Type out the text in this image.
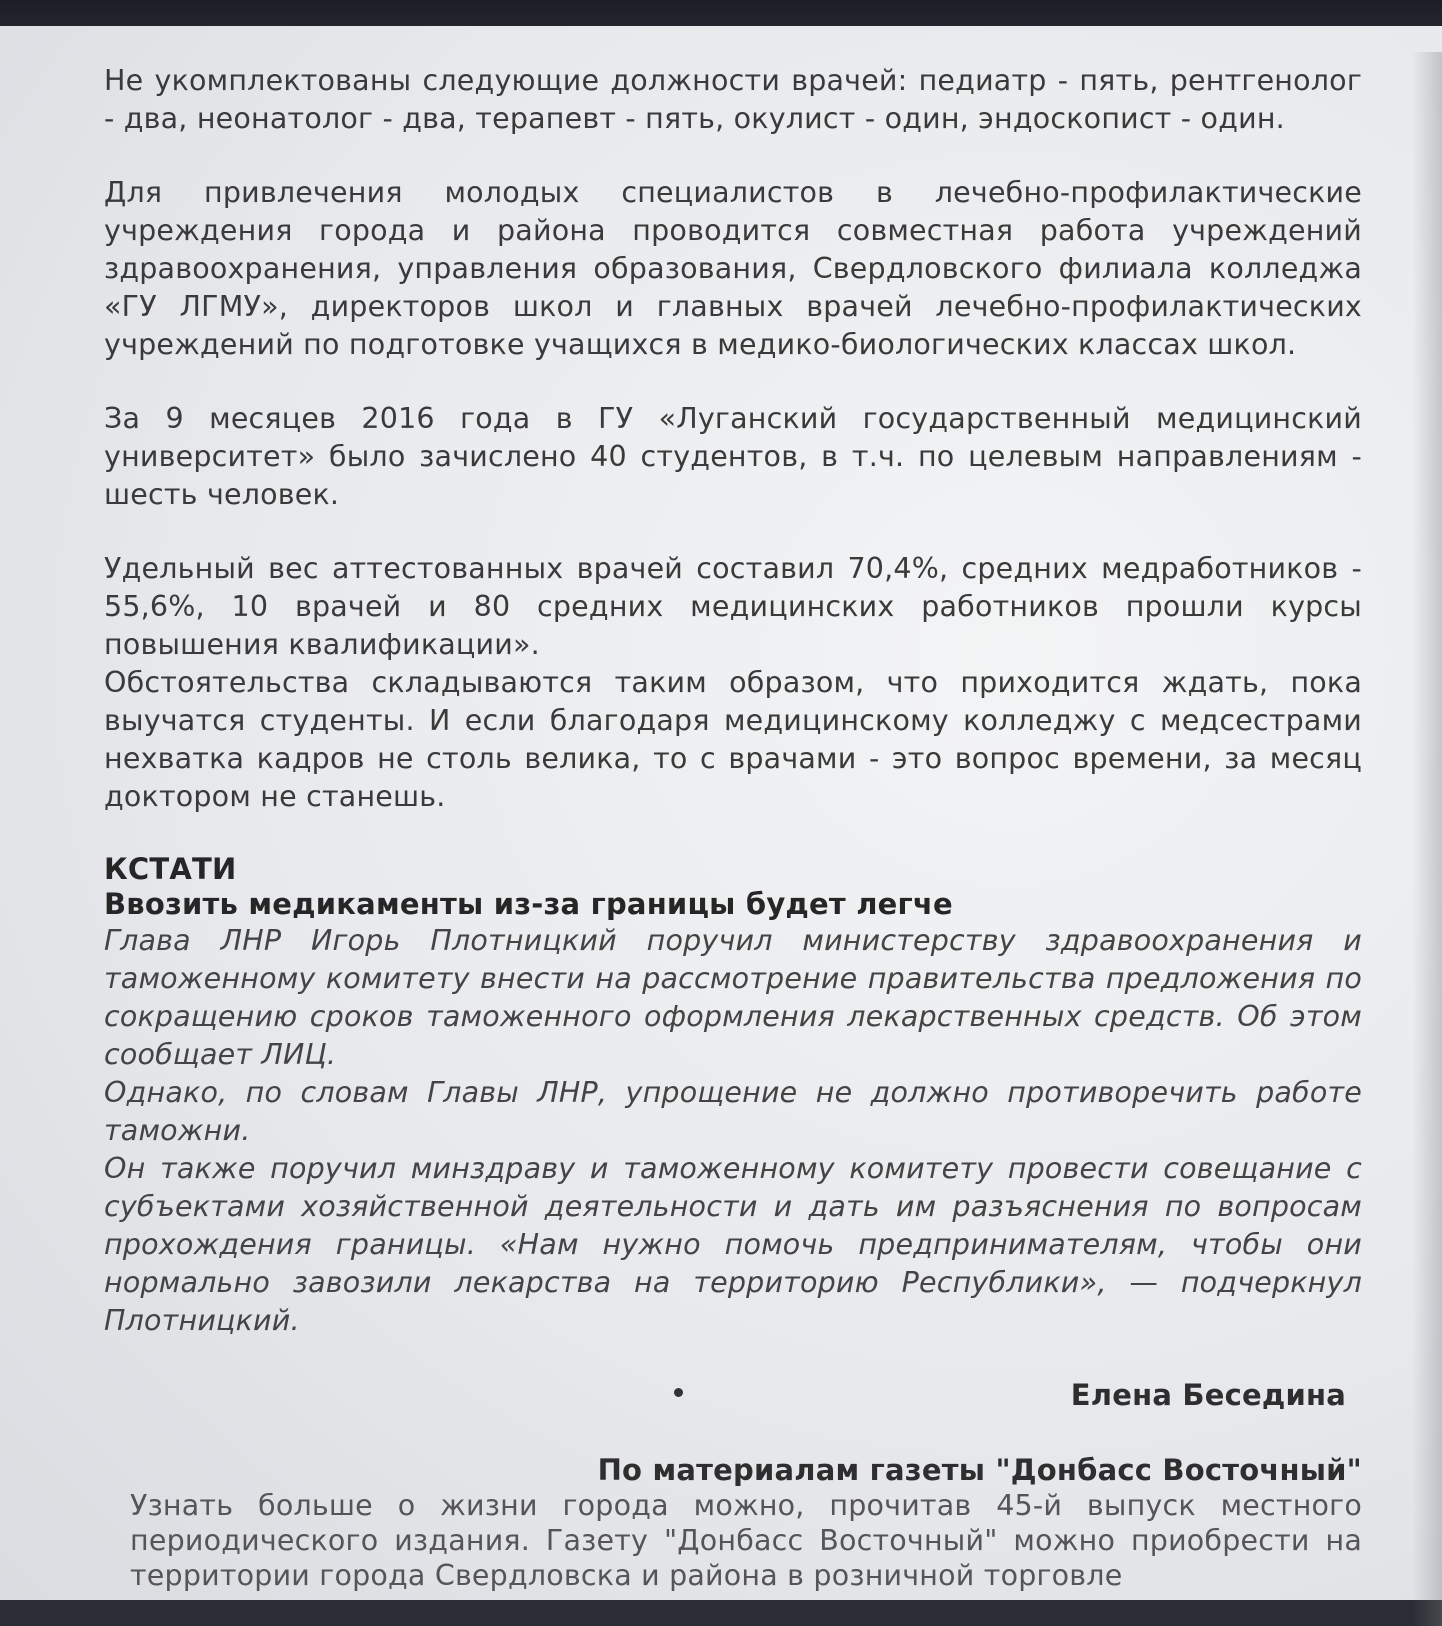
Не укомплектованы следующие должности врачей: педиатр - пять, рентгенолог - два, неонатолог - два, терапевт - пять, окулист - один, эндоскопист - один.

Для привлечения молодых специалистов в лечебно-профилактические учреждения города и района проводится совместная работа учреждений здравоохранения, управления образования, Свердловского филиала колледжа «ГУ ЛГМУ», директоров школ и главных врачей лечебно-профилактических учреждений по подготовке учащихся в медико-биологических классах школ.

За 9 месяцев 2016 года в ГУ «Луганский государственный медицинский университет» было зачислено 40 студентов, в т.ч. по целевым направлениям - шесть человек.

Удельный вес аттестованных врачей составил 70,4%, средних медработников - 55,6%, 10 врачей и 80 средних медицинских работников прошли курсы повышения квалификации».

Обстоятельства складываются таким образом, что приходится ждать, пока выучатся студенты. И если благодаря медицинскому колледжу с медсестрами нехватка кадров не столь велика, то с врачами - это вопрос времени, за месяц доктором не станешь.

КСТАТИ
Ввозить медикаменты из-за границы будет легче

Глава ЛНР Игорь Плотницкий поручил министерству здравоохранения и таможенному комитету внести на рассмотрение правительства предложения по сокращению сроков таможенного оформления лекарственных средств. Об этом сообщает ЛИЦ.

Однако, по словам Главы ЛНР, упрощение не должно противоречить работе таможни.

Он также поручил минздраву и таможенному комитету провести совещание с субъектами хозяйственной деятельности и дать им разъяснения по вопросам прохождения границы. «Нам нужно помочь предпринимателям, чтобы они нормально завозили лекарства на территорию Республики», — подчеркнул Плотницкий.

Елена Беседина
По материалам газеты "Донбасс Восточный"

Узнать больше о жизни города можно, прочитав 45-й выпуск местного периодического издания. Газету "Донбасс Восточный" можно приобрести на территории города Свердловска и района в розничной торговле
